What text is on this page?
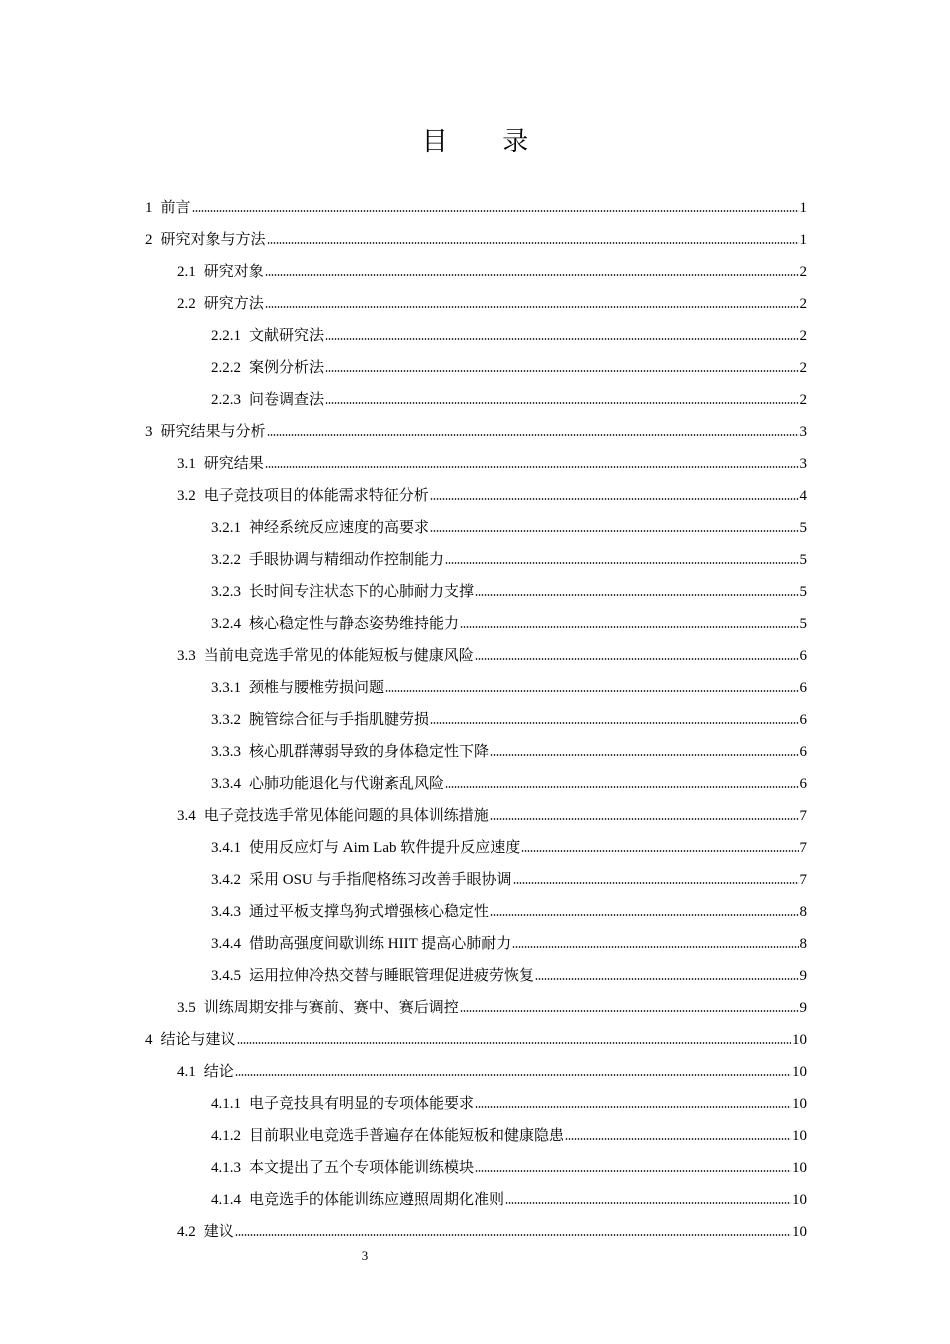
目 录
1 前言	1
2 研究对象与方法	1
2.1 研究对象	2
2.2 研究方法	2
2.2.1 文献研究法	2
2.2.2 案例分析法	2
2.2.3 问卷调查法	2
3 研究结果与分析	3
3.1 研究结果	3
3.2 电子竞技项目的体能需求特征分析	4
3.2.1 神经系统反应速度的高要求	5
3.2.2 手眼协调与精细动作控制能力	5
3.2.3 长时间专注状态下的心肺耐力支撑	5
3.2.4 核心稳定性与静态姿势维持能力	5
3.3 当前电竞选手常见的体能短板与健康风险	6
3.3.1 颈椎与腰椎劳损问题	6
3.3.2 腕管综合征与手指肌腱劳损	6
3.3.3 核心肌群薄弱导致的身体稳定性下降	6
3.3.4 心肺功能退化与代谢紊乱风险	6
3.4 电子竞技选手常见体能问题的具体训练措施	7
3.4.1 使用反应灯与 Aim Lab 软件提升反应速度	7
3.4.2 采用 OSU 与手指爬格练习改善手眼协调	7
3.4.3 通过平板支撑鸟狗式增强核心稳定性	8
3.4.4 借助高强度间歇训练 HIIT 提高心肺耐力	8
3.4.5 运用拉伸冷热交替与睡眠管理促进疲劳恢复	9
3.5 训练周期安排与赛前、赛中、赛后调控	9
4 结论与建议	10
4.1 结论	10
4.1.1 电子竞技具有明显的专项体能要求	10
4.1.2 目前职业电竞选手普遍存在体能短板和健康隐患	10
4.1.3 本文提出了五个专项体能训练模块	10
4.1.4 电竞选手的体能训练应遵照周期化准则	10
4.2 建议	10
3
